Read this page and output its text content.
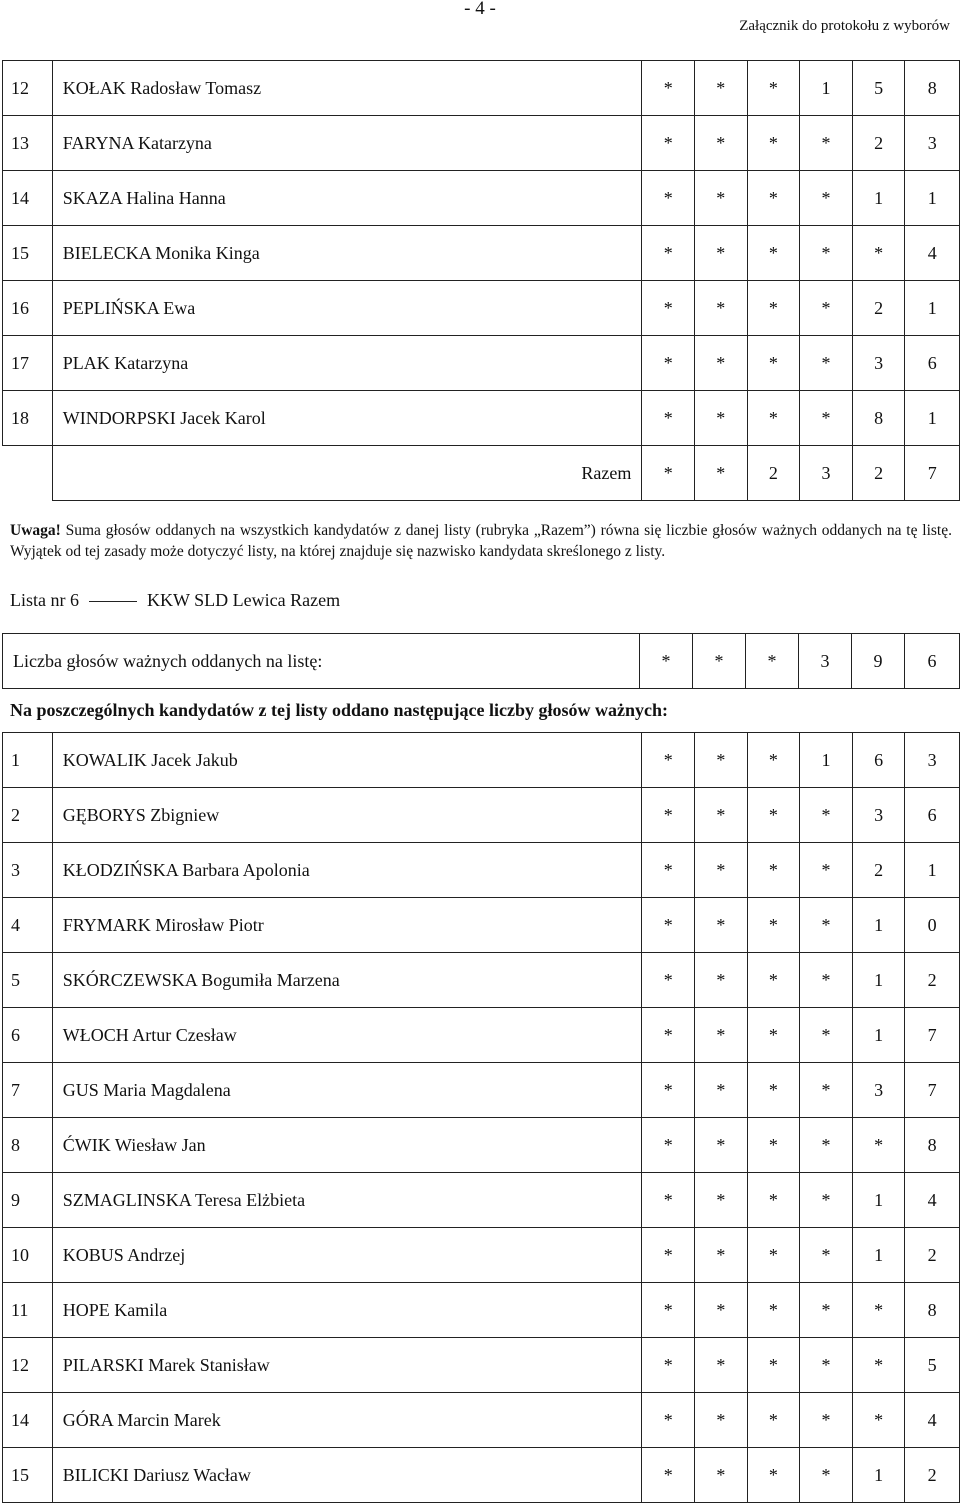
- 4 -
Załącznik do protokołu z wyborów
12	KOŁAK Radosław Tomasz	*	*	*	1	5	8
13	FARYNA Katarzyna	*	*	*	*	2	3
14	SKAZA Halina Hanna	*	*	*	*	1	1
15	BIELECKA Monika Kinga	*	*	*	*	*	4
16	PEPLIŃSKA Ewa	*	*	*	*	2	1
17	PLAK Katarzyna	*	*	*	*	3	6
18	WINDORPSKI Jacek Karol	*	*	*	*	8	1
	Razem	*	*	2	3	2	7
Uwaga! Suma głosów oddanych na wszystkich kandydatów z danej listy (rubryka „Razem”) równa się liczbie głosów ważnych oddanych na tę listę. Wyjątek od tej zasady może dotyczyć listy, na której znajduje się nazwisko kandydata skreślonego z listy.
Lista nr 6	KKW SLD Lewica Razem
Liczba głosów ważnych oddanych na listę:	*	*	*	3	9	6
Na poszczególnych kandydatów z tej listy oddano następujące liczby głosów ważnych:
1	KOWALIK Jacek Jakub	*	*	*	1	6	3
2	GĘBORYS Zbigniew	*	*	*	*	3	6
3	KŁODZIŃSKA Barbara Apolonia	*	*	*	*	2	1
4	FRYMARK Mirosław Piotr	*	*	*	*	1	0
5	SKÓRCZEWSKA Bogumiła Marzena	*	*	*	*	1	2
6	WŁOCH Artur Czesław	*	*	*	*	1	7
7	GUS Maria Magdalena	*	*	*	*	3	7
8	ĆWIK Wiesław Jan	*	*	*	*	*	8
9	SZMAGLINSKA Teresa Elżbieta	*	*	*	*	1	4
10	KOBUS Andrzej	*	*	*	*	1	2
11	HOPE Kamila	*	*	*	*	*	8
12	PILARSKI Marek Stanisław	*	*	*	*	*	5
14	GÓRA Marcin Marek	*	*	*	*	*	4
15	BILICKI Dariusz Wacław	*	*	*	*	1	2
